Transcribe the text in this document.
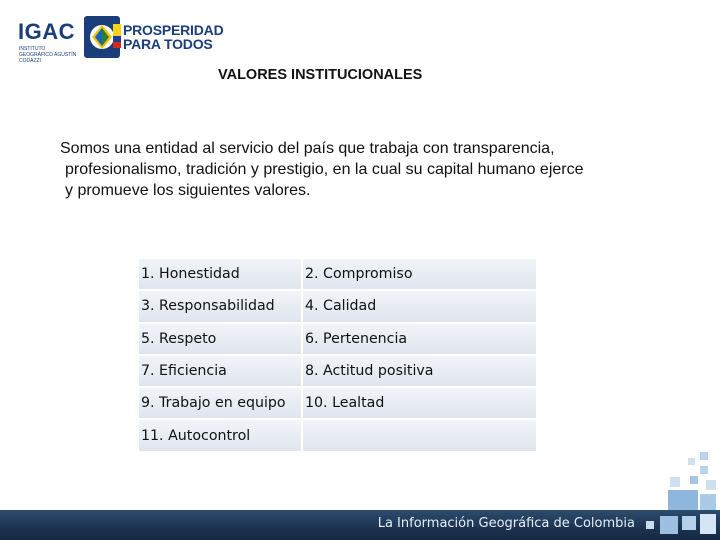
IGAC
INSTITUTO GEOGRÁFICO AGUSTÍN CODAZZI
PROSPERIDAD
PARA TODOS
VALORES INSTITUCIONALES
Somos una entidad al servicio del país que trabaja con transparencia,
profesionalismo, tradición y prestigio, en la cual su capital humano ejerce
y promueve los siguientes valores.
1. Honestidad	2. Compromiso
3. Responsabilidad	4. Calidad
5. Respeto	6. Pertenencia
7. Eficiencia	8. Actitud positiva
9. Trabajo en equipo	10. Lealtad
11. Autocontrol	
La Información Geográfica de Colombia
